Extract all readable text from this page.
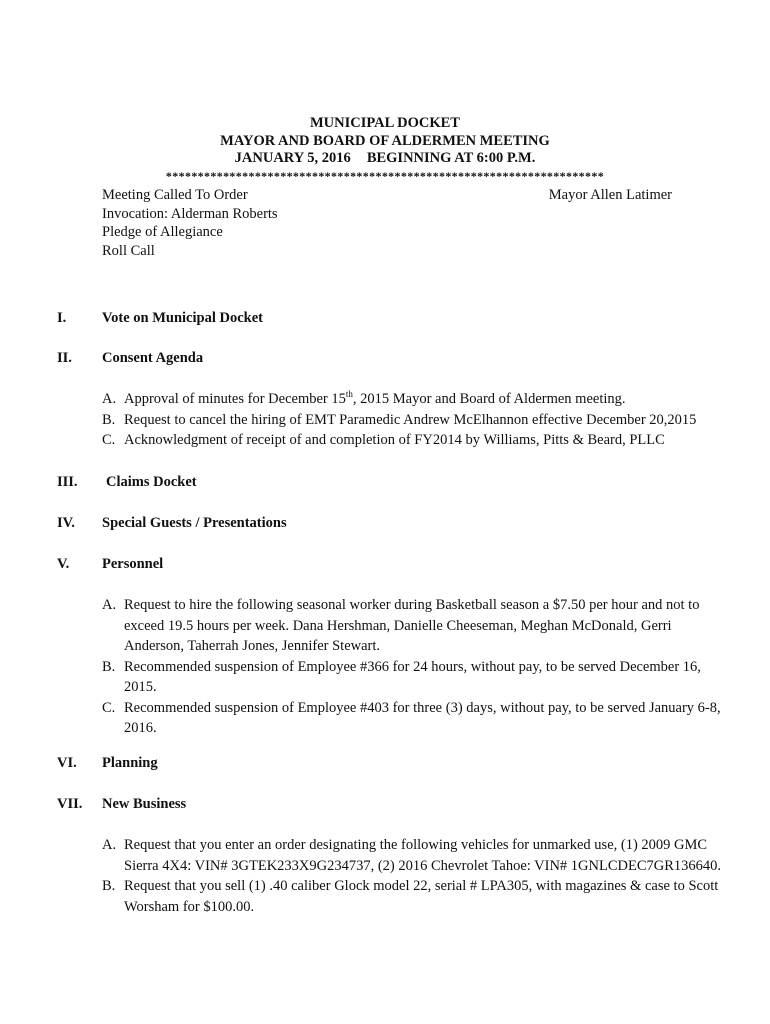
MUNICIPAL DOCKET
MAYOR AND BOARD OF ALDERMEN MEETING
JANUARY 5, 2016 BEGINNING AT 6:00 P.M.
*********************************************************************
Meeting Called To Order	Mayor Allen Latimer
Invocation: Alderman Roberts
Pledge of Allegiance
Roll Call
I. Vote on Municipal Docket
II. Consent Agenda
A. Approval of minutes for December 15th, 2015 Mayor and Board of Aldermen meeting.
B. Request to cancel the hiring of EMT Paramedic Andrew McElhannon effective December 20,2015
C. Acknowledgment of receipt of and completion of FY2014 by Williams, Pitts & Beard, PLLC
III. Claims Docket
IV. Special Guests / Presentations
V. Personnel
A. Request to hire the following seasonal worker during Basketball season a $7.50 per hour and not to exceed 19.5 hours per week. Dana Hershman, Danielle Cheeseman, Meghan McDonald, Gerri Anderson, Taherrah Jones, Jennifer Stewart.
B. Recommended suspension of Employee #366 for 24 hours, without pay, to be served December 16, 2015.
C. Recommended suspension of Employee #403 for three (3) days, without pay, to be served January 6-8, 2016.
VI. Planning
VII. New Business
A. Request that you enter an order designating the following vehicles for unmarked use, (1) 2009 GMC Sierra 4X4: VIN# 3GTEK233X9G234737, (2) 2016 Chevrolet Tahoe: VIN# 1GNLCDEC7GR136640.
B. Request that you sell (1) .40 caliber Glock model 22, serial # LPA305, with magazines & case to Scott Worsham for $100.00.
